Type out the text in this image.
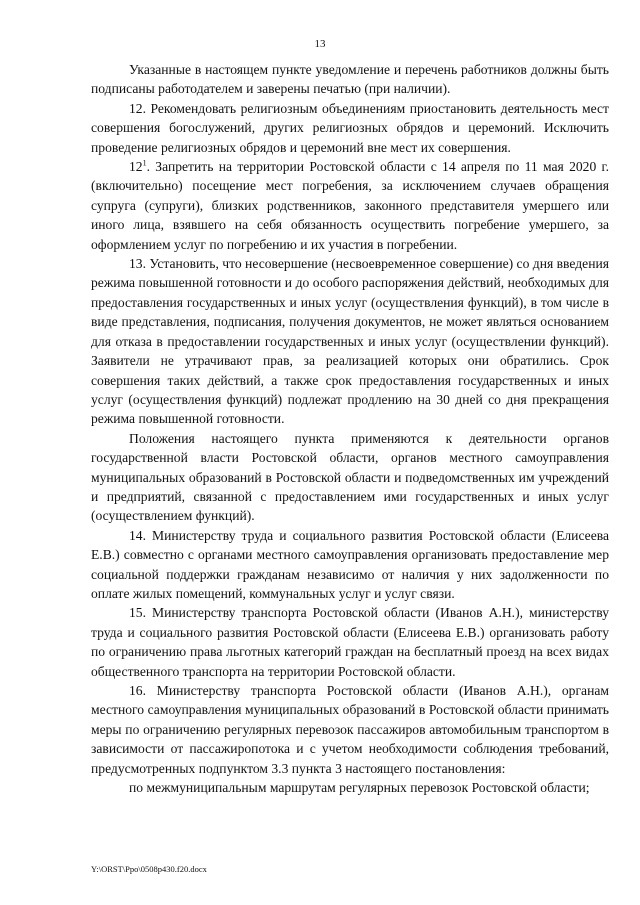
13

Указанные в настоящем пункте уведомление и перечень работников должны быть подписаны работодателем и заверены печатью (при наличии).

12. Рекомендовать религиозным объединениям приостановить деятельность мест совершения богослужений, других религиозных обрядов и церемоний. Исключить проведение религиозных обрядов и церемоний вне мест их совершения.

$12^1$. Запретить на территории Ростовской области с 14 апреля по 11 мая 2020 г. (включительно) посещение мест погребения, за исключением случаев обращения супруга (супруги), близких родственников, законного представителя умершего или иного лица, взявшего на себя обязанность осуществить погребение умершего, за оформлением услуг по погребению и их участия в погребении.

13. Установить, что несовершение (несвоевременное совершение) со дня введения режима повышенной готовности и до особого распоряжения действий, необходимых для предоставления государственных и иных услуг (осуществления функций), в том числе в виде представления, подписания, получения документов, не может являться основанием для отказа в предоставлении государственных и иных услуг (осуществлении функций). Заявители не утрачивают прав, за реализацией которых они обратились. Срок совершения таких действий, а также срок предоставления государственных и иных услуг (осуществления функций) подлежат продлению на 30 дней со дня прекращения режима повышенной готовности.

Положения настоящего пункта применяются к деятельности органов государственной власти Ростовской области, органов местного самоуправления муниципальных образований в Ростовской области и подведомственных им учреждений и предприятий, связанной с предоставлением ими государственных и иных услуг (осуществлением функций).

14. Министерству труда и социального развития Ростовской области (Елисеева Е.В.) совместно с органами местного самоуправления организовать предоставление мер социальной поддержки гражданам независимо от наличия у них задолженности по оплате жилых помещений, коммунальных услуг и услуг связи.

15. Министерству транспорта Ростовской области (Иванов А.Н.), министерству труда и социального развития Ростовской области (Елисеева Е.В.) организовать работу по ограничению права льготных категорий граждан на бесплатный проезд на всех видах общественного транспорта на территории Ростовской области.

16. Министерству транспорта Ростовской области (Иванов А.Н.), органам местного самоуправления муниципальных образований в Ростовской области принимать меры по ограничению регулярных перевозок пассажиров автомобильным транспортом в зависимости от пассажиропотока и с учетом необходимости соблюдения требований, предусмотренных подпунктом 3.3 пункта 3 настоящего постановления:

по межмуниципальным маршрутам регулярных перевозок Ростовской области;

Y:\ORST\Ppo\0508p430.f20.docx
